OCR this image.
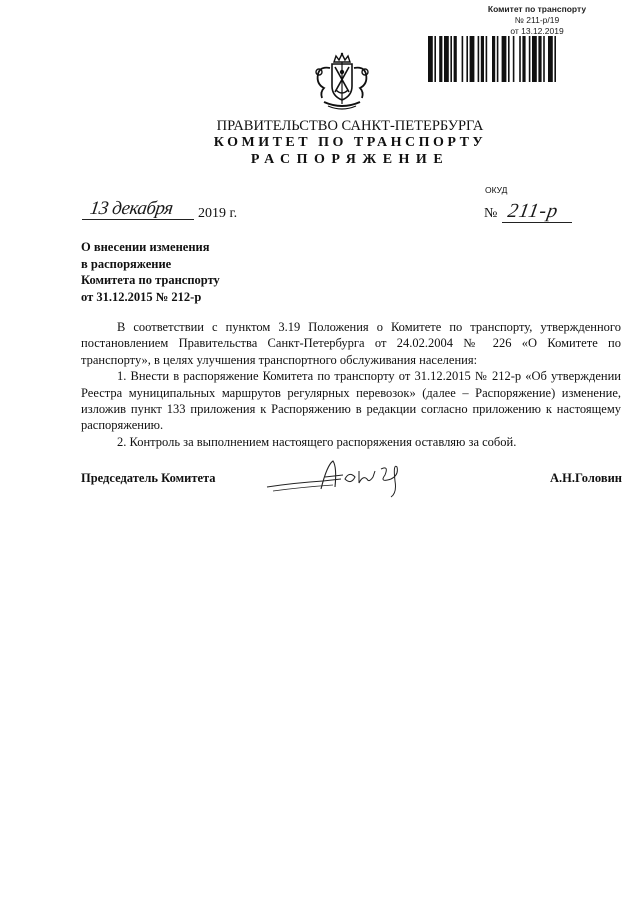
Комитет по транспорту
№ 211-р/19
от 13.12.2019
ПРАВИТЕЛЬСТВО САНКТ-ПЕТЕРБУРГА
КОМИТЕТ ПО ТРАНСПОРТУ
РАСПОРЯЖЕНИЕ
ОКУД
13 декабря 2019 г.	№ 211-р
О внесении изменения
в распоряжение
Комитета по транспорту
от 31.12.2015 № 212-р

В соответствии с пунктом 3.19 Положения о Комитете по транспорту, утвержденного постановлением Правительства Санкт-Петербурга от 24.02.2004 № 226 «О Комитете по транспорту», в целях улучшения транспортного обслуживания населения:

1. Внести в распоряжение Комитета по транспорту от 31.12.2015 № 212-р «Об утверждении Реестра муниципальных маршрутов регулярных перевозок» (далее – Распоряжение) изменение, изложив пункт 133 приложения к Распоряжению в редакции согласно приложению к настоящему распоряжению.

2. Контроль за выполнением настоящего распоряжения оставляю за собой.

Председатель Комитета	А.Н.Головин
